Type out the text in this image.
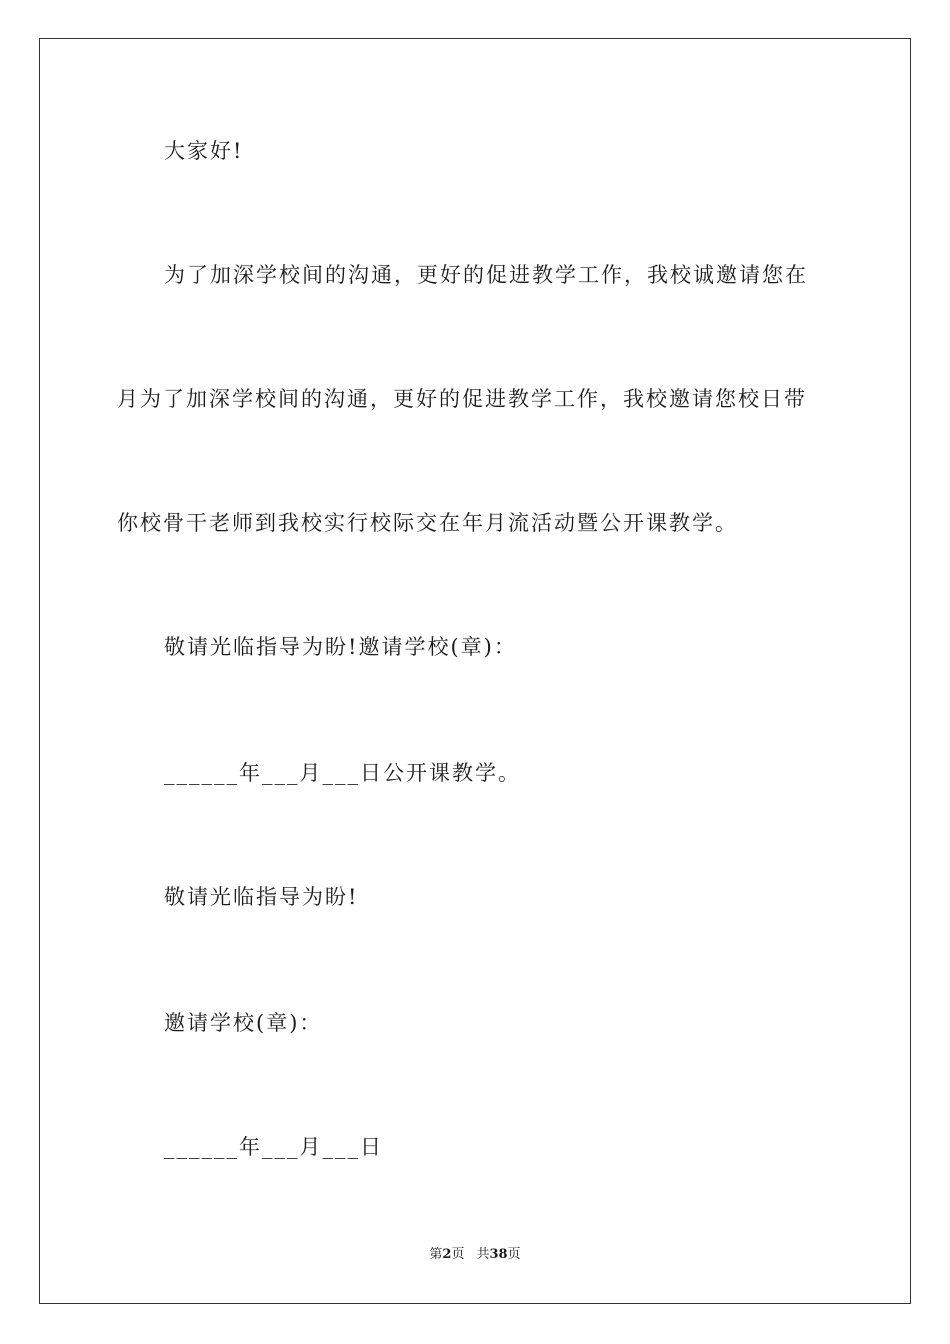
大家好!
为了加深学校间的沟通，更好的促进教学工作，我校诚邀请您在
月为了加深学校间的沟通，更好的促进教学工作，我校邀请您校日带
你校骨干老师到我校实行校际交在年月流活动暨公开课教学。
敬请光临指导为盼!邀请学校(章)：
______年___月___日公开课教学。
敬请光临指导为盼!
邀请学校(章)：
______年___月___日
第2页 共38页
